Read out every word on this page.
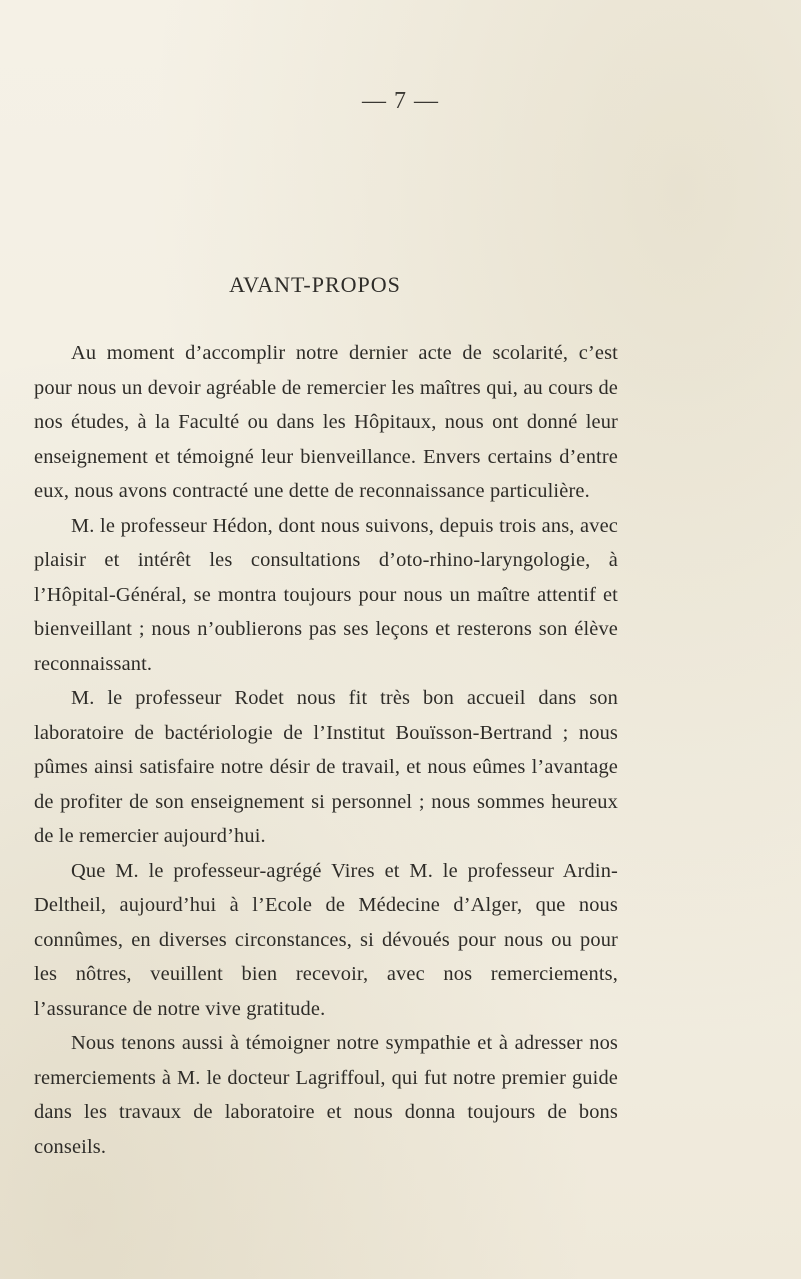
— 7 —
AVANT-PROPOS

Au moment d’accomplir notre dernier acte de scolarité, c’est pour nous un devoir agréable de remercier les maîtres qui, au cours de nos études, à la Faculté ou dans les Hôpitaux, nous ont donné leur enseignement et témoigné leur bienveillance. Envers certains d’entre eux, nous avons contracté une dette de reconnaissance particulière.

M. le professeur Hédon, dont nous suivons, depuis trois ans, avec plaisir et intérêt les consultations d’oto-rhino-laryngologie, à l’Hôpital-Général, se montra toujours pour nous un maître attentif et bienveillant ; nous n’oublierons pas ses leçons et resterons son élève reconnaissant.

M. le professeur Rodet nous fit très bon accueil dans son laboratoire de bactériologie de l’Institut Bouïsson-Bertrand ; nous pûmes ainsi satisfaire notre désir de travail, et nous eûmes l’avantage de profiter de son enseignement si personnel ; nous sommes heureux de le remercier aujourd’hui.

Que M. le professeur-agrégé Vires et M. le professeur Ardin-Deltheil, aujourd’hui à l’Ecole de Médecine d’Alger, que nous connûmes, en diverses circonstances, si dévoués pour nous ou pour les nôtres, veuillent bien recevoir, avec nos remerciements, l’assurance de notre vive gratitude.

Nous tenons aussi à témoigner notre sympathie et à adresser nos remerciements à M. le docteur Lagriffoul, qui fut notre premier guide dans les travaux de laboratoire et nous donna toujours de bons conseils.
